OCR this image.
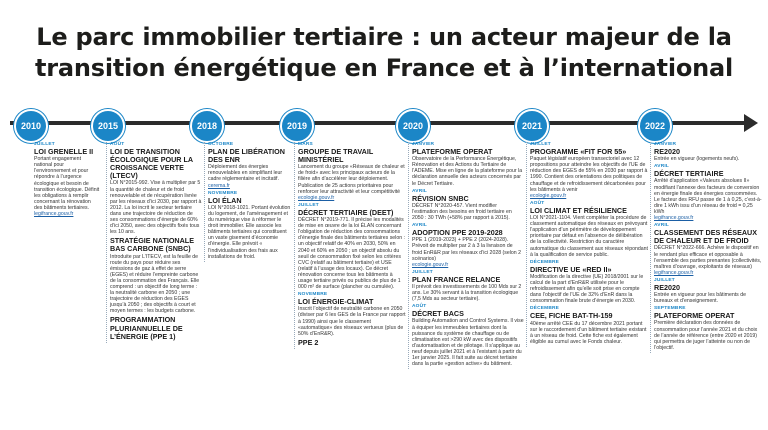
Le parc immobilier tertiaire : un acteur majeur de la
transition énergétique en France et à l’international
2010	2015	2018	2019	2020	2021	2022
JUILLET
LOI GRENELLE II
Portant engagement national pour l’environnement et pour répondre à l’urgence écologique et besoin de transition écologique. Définit les obligations à remplir concernant la rénovation des bâtiments tertiaires.
legifrance.gouv.fr
AOÛT
LOI DE TRANSITION ÉCOLOGIQUE POUR LA CROISSANCE VERTE (LTECV)
LOI N°2015-992. Vise à multiplier par 5 la quantité de chaleur et de froid renouvelable et de récupération livrée par les réseaux d’ici 2030, par rapport à 2012. La loi incrit le secteur tertiaire dans une trajectoire de réduction de ses consommations d’énergie de 60% d’ici 2050, avec des objectifs fixés tous les 10 ans.
STRATÉGIE NATIONALE BAS CARBONE (SNBC)
Introduite par L’ITECV, est la feuille de route du pays pour réduire ses émissions de gaz à effet de serre (EGES) et réduire l’empreinte carbone de la consommation des Français. Elle comprend : un objectif de long terme : la neutralité carbone en 2050 ; une trajectoire de réduction des EGES jusqu’à 2050 ; des objectifs à court et moyen termes : les budgets carbone.
PROGRAMMATION PLURIANNUELLE DE L’ÉNERGIE (PPE 1)
OCTOBRE
PLAN DE LIBÉRATION DES ENR
Déploiement des énergies renouvelables en simplifiant leur cadre réglementaire et incitatif.
cerema.fr
NOVEMBRE
LOI ÉLAN
LOI N°2018-1021. Portant évolution du logement, de l’aménagement et du numérique vise à réformer le droit immobilier. Elle associe les bâtiments tertiaires qui constituent un vaste gisement d’économie d’énergie. Elle prévoit « l’individualisation des frais aux installations de froid.
MARS
GROUPE DE TRAVAIL MINISTÉRIEL
Lancement du groupe «Réseaux de chaleur et de froid» avec les principaux acteurs de la filière afin d’accélérer leur déploiement. Publication de 25 actions prioritaires pour renforcer leur attractivité et leur compétitivité
ecologie.gouv.fr
JUILLET
DÉCRET TERTIAIRE (DEET)
DÉCRET N°2019-771. Il précise les modalités de mise en œuvre de la loi ÉLAN concernant l’obligation de réduction des consommations d’énergie finale des bâtiments tertiaires selon : un objectif relatif de 40% en 2030, 50% en 2040 et 60% en 2050 ; un objectif absolu du seuil de consommation fixé selon les critères CVC (relatif au bâtiment tertiaire) et USE (relatif à l’usage des locaux). Ce décret rénovation concerne tous les bâtiments à usage tertiaire privés ou publics de plus de 1 000 m² de surface (plancher ou cumulée).
NOVEMBRE
LOI ÉNERGIE-CLIMAT
Inscrit l’objectif de neutralité carbone en 2050 (diviser par 6 les GES de la France par rapport à 1990) ainsi que le classement «automatique» des réseaux vertueux (plus de 50% d’EnR&R).
PPE 2
JANVIER
PLATEFORME OPERAT
Observatoire de la Performance Énergétique, Rénovation et des Actions du Tertiaire de l’ADEME. Mise en ligne de la plateforme pour la déclaration annuelle des acteurs concernés par le Décret Tertiaire.
AVRIL
RÉVISION SNBC
DÉCRET N°2020-457. Vient modifier l’estimation des besoins en froid tertiaire en 2050 : 30 TWh (+58% par rapport à 2015).
AVRIL
ADOPTION PPE 2019-2028
PPE 1 (2019-2023) + PPE 2 (2024-2028). Prévoit de multiplier par 2 à 3 la livraison de froid EnR&R par les réseaux d’ici 2028 (selon 2 scénarios)
ecologie.gouv.fr
JUILLET
PLAN FRANCE RELANCE
Il prévoit des investissements de 100 Mds sur 2 ans. Le 30% servant à la transition écologique (7,5 Mds au secteur tertiaire).
AOÛT
DÉCRET BACS
Building Automation and Control Systems. Il vise à équiper les immeubles tertiaires dont la puissance du système de chauffage ou de climatisation est >290 kW avec des dispositifs d’automatisation et de pilotage. Il s’applique au neuf depuis juillet 2021 et à l’existant à partir du 1er janvier 2025. Il fait suite au décret tertiaire dans la partie «gestion active» du bâtiment.
JUILLET
PROGRAMME «FIT FOR 55»
Paquet législatif européen transectoriel avec 12 propositions pour atteindre les objectifs de l’UE de réduction des EGES de 55% en 2030 par rapport à 1990. Contient des orientations des politiques de chauffage et de refroidissement décarbonées pour les bâtiments à venir
ecologie.gouv.fr
AOÛT
LOI CLIMAT ET RÉSILIENCE
LOI N°2021-1104. Vient compléter la procédure de classement automatique des réseaux en prévoyant l’application d’un périmètre de développement prioritaire par défaut en l’absence de délibération de la collectivité. Restriction du caractère automatique du classement aux réseaux répondant à la qualification de service public.
DÉCEMBRE
DIRECTIVE UE «RED II»
Modification de la directive (UE) 2018/2001 sur le calcul de la part d’EnR&R utilisée pour le refroidissement afin qu’elle soit prise en compte dans l’objectif de l’UE de 32% d’EnR dans la consommation finale brute d’énergie en 2030.
DÉCEMBRE
CEE, FICHE BAT-TH-159
40ème arrêté CEE du 17 décembre 2021 portant sur le raccordement d’un bâtiment tertiaire existant à un réseau de froid. Cette fiche est également éligible au cumul avec le Fonds chaleur.
JANVIER
RE2020
Entrée en vigueur (logements neufs).
AVRIL
DÉCRET TERTIAIRE
Arrêté d’application «Valeurs absolues II» modifiant l’annexe des facteurs de conversion en énergie finale des énergies consommées. Le facteur des RFU passe de 1 à 0,25, c’est-à-dire 1 kWh issu d’un réseau de froid = 0,25 kWh
legifrance.gouv.fr
AVRIL
CLASSEMENT DES RÉSEAUX DE CHALEUR ET DE FROID
DÉCRET N°2022-666. Achève le dispositif en le rendant plus efficace et opposable à l’ensemble des parties prenantes (collectivités, maîtres d’ouvrage, exploitants de réseaux)
legifrance.gouv.fr
JUILLET
RE2020
Entrée en vigueur pour les bâtiments de bureaux et d’enseignement.
SEPTEMBRE
PLATEFORME OPERAT
Première déclaration des données de consommation pour l’année 2021 et du choix de l’année de référence (entre 2020 et 2019) qui permettra de juger l’atteinte ou non de l’objectif.
